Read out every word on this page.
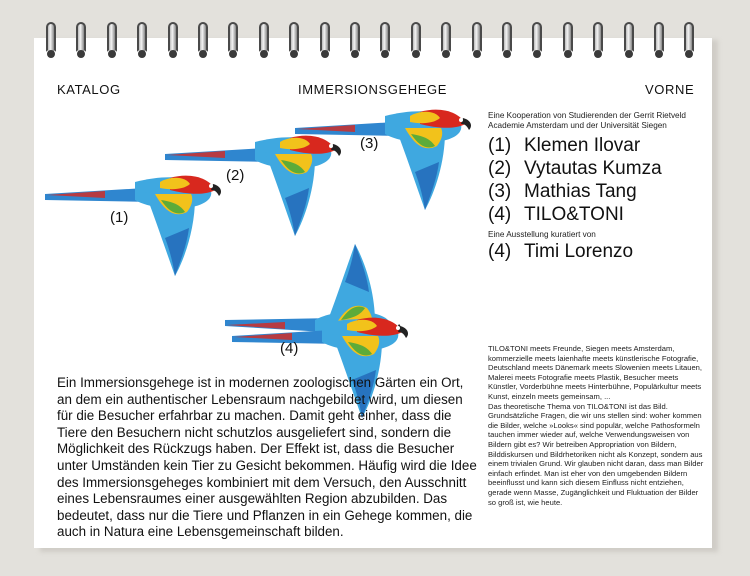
KATALOG	IMMERSIONSGEHEGE	VORNE
Eine Kooperation von Studierenden der Gerrit Rietveld Academie Amsterdam und der Universität Siegen
(1) Klemen Ilovar
(2) Vytautas Kumza
(3) Mathias Tang
(4) TILO&TONI
Eine Ausstellung kuratiert von
(4) Timi Lorenzo
(1)
(2)
(3)
(4)
Ein Immersionsgehege ist in modernen zoologischen Gärten ein Ort, an dem ein authentischer Lebensraum nachgebildet wird, um diesen für die Besucher erfahrbar zu machen. Damit geht einher, dass die Tiere den Besuchern nicht schutzlos ausgeliefert sind, sondern die Möglichkeit des Rückzugs haben. Der Effekt ist, dass die Besucher unter Umständen kein Tier zu Gesicht bekommen. Häufig wird die Idee des Immersionsgeheges kombiniert mit dem Versuch, den Ausschnitt eines Lebensraumes einer ausgewählten Region abzubilden. Das bedeutet, dass nur die Tiere und Pflanzen in ein Gehege kommen, die auch in Natura eine Lebensgemeinschaft bilden.

TILO&TONI meets Freunde, Siegen meets Amsterdam, kommerzielle meets laienhafte meets künstlerische Fotografie, Deutschland meets Dänemark meets Slowenien meets Litauen, Malerei meets Fotografie meets Plastik, Besucher meets Künstler, Vorderbühne meets Hinterbühne, Populärkultur meets Kunst, einzeln meets gemeinsam, ...

Das theoretische Thema von TILO&TONI ist das Bild. Grundsätzliche Fragen, die wir uns stellen sind: woher kommen die Bilder, welche »Looks« sind populär, welche Pathosformeln tauchen immer wieder auf, welche Verwendungsweisen von Bildern gibt es? Wir betreiben Appropriation von Bildern, Bilddiskursen und Bildrhetoriken nicht als Konzept, sondern aus einem trivialen Grund. Wir glauben nicht daran, dass man Bilder einfach erfindet. Man ist eher von den umgebenden Bildern beeinflusst und kann sich diesem Einfluss nicht entziehen, gerade wenn Masse, Zugänglichkeit und Fluktuation der Bilder so groß ist, wie heute.
